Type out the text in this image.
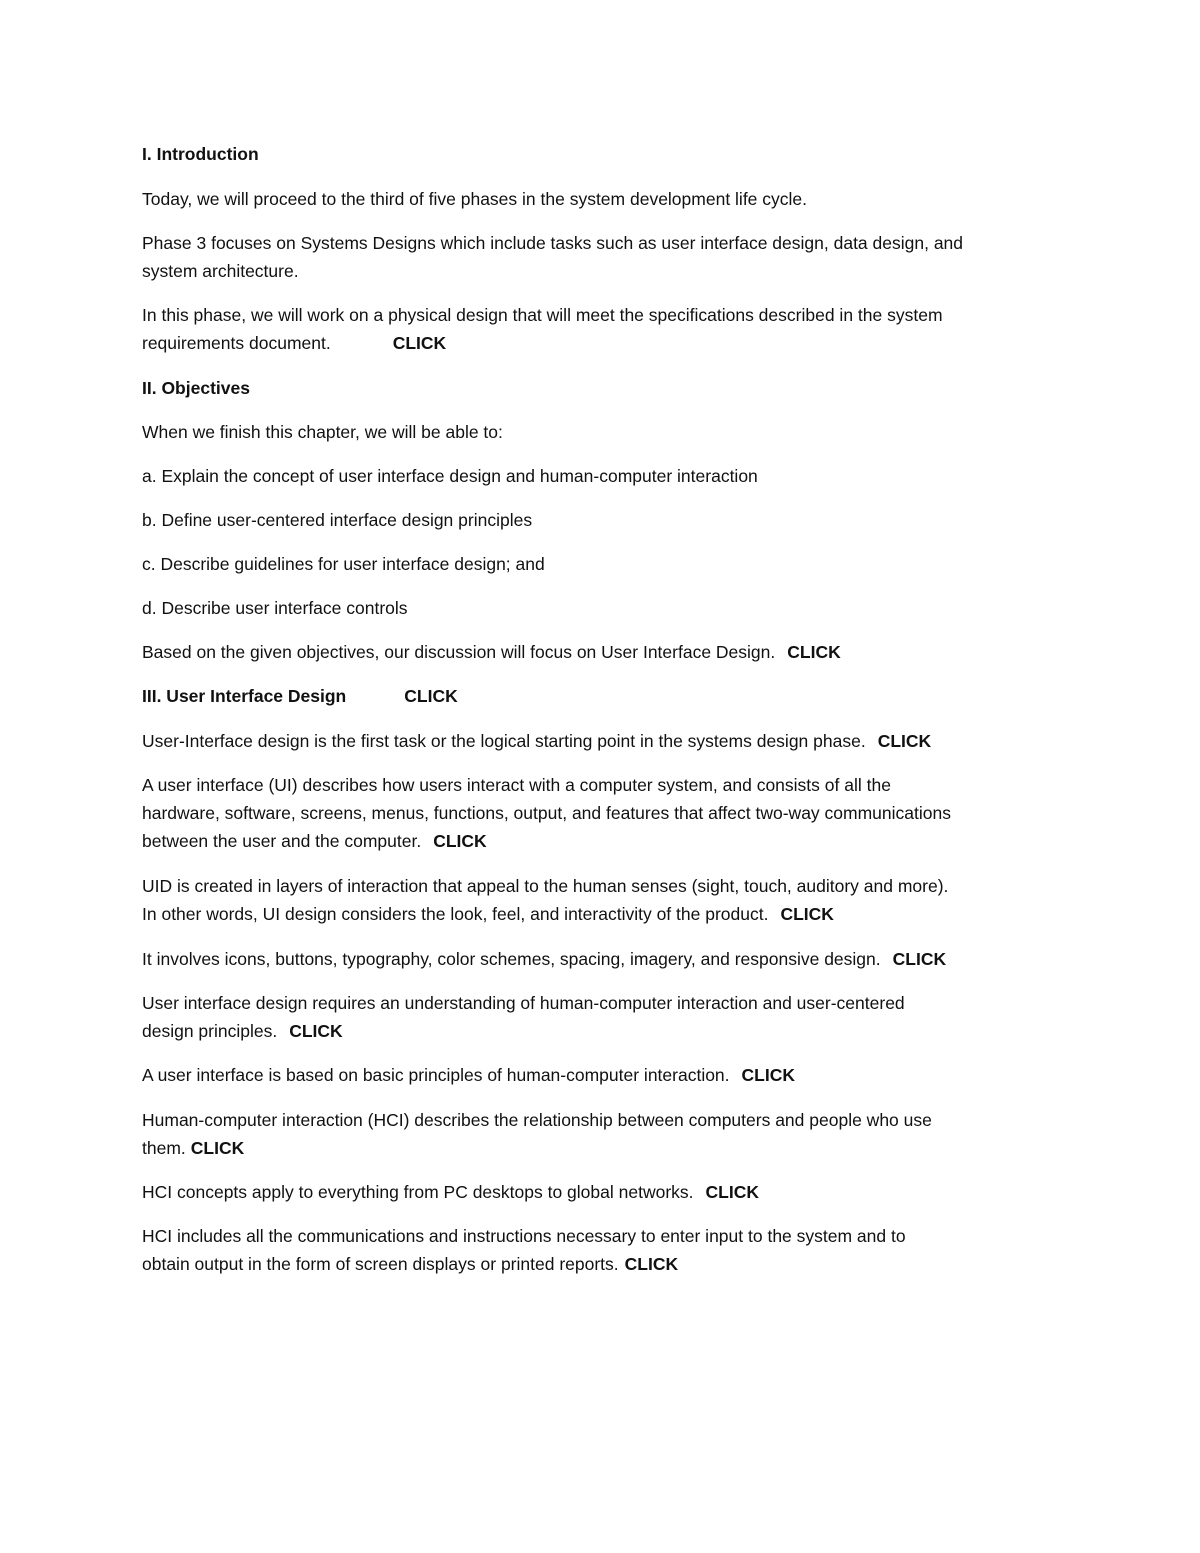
I. Introduction
Today, we will proceed to the third of five phases in the system development life cycle.
Phase 3 focuses on Systems Designs which include tasks such as user interface design, data design, and
system architecture.
In this phase, we will work on a physical design that will meet the specifications described in the system
requirements document.	CLICK
II. Objectives
When we finish this chapter, we will be able to:
a. Explain the concept of user interface design and human-computer interaction
b. Define user-centered interface design principles
c. Describe guidelines for user interface design; and
d. Describe user interface controls
Based on the given objectives, our discussion will focus on User Interface Design. CLICK
III. User Interface Design	CLICK
User-Interface design is the first task or the logical starting point in the systems design phase. CLICK
A user interface (UI) describes how users interact with a computer system, and consists of all the
hardware, software, screens, menus, functions, output, and features that affect two-way communications
between the user and the computer. CLICK
UID is created in layers of interaction that appeal to the human senses (sight, touch, auditory and more).
In other words, UI design considers the look, feel, and interactivity of the product. CLICK
It involves icons, buttons, typography, color schemes, spacing, imagery, and responsive design. CLICK
User interface design requires an understanding of human-computer interaction and user-centered
design principles. CLICK
A user interface is based on basic principles of human-computer interaction. CLICK
Human-computer interaction (HCI) describes the relationship between computers and people who use
them. CLICK
HCI concepts apply to everything from PC desktops to global networks. CLICK
HCI includes all the communications and instructions necessary to enter input to the system and to
obtain output in the form of screen displays or printed reports. CLICK
